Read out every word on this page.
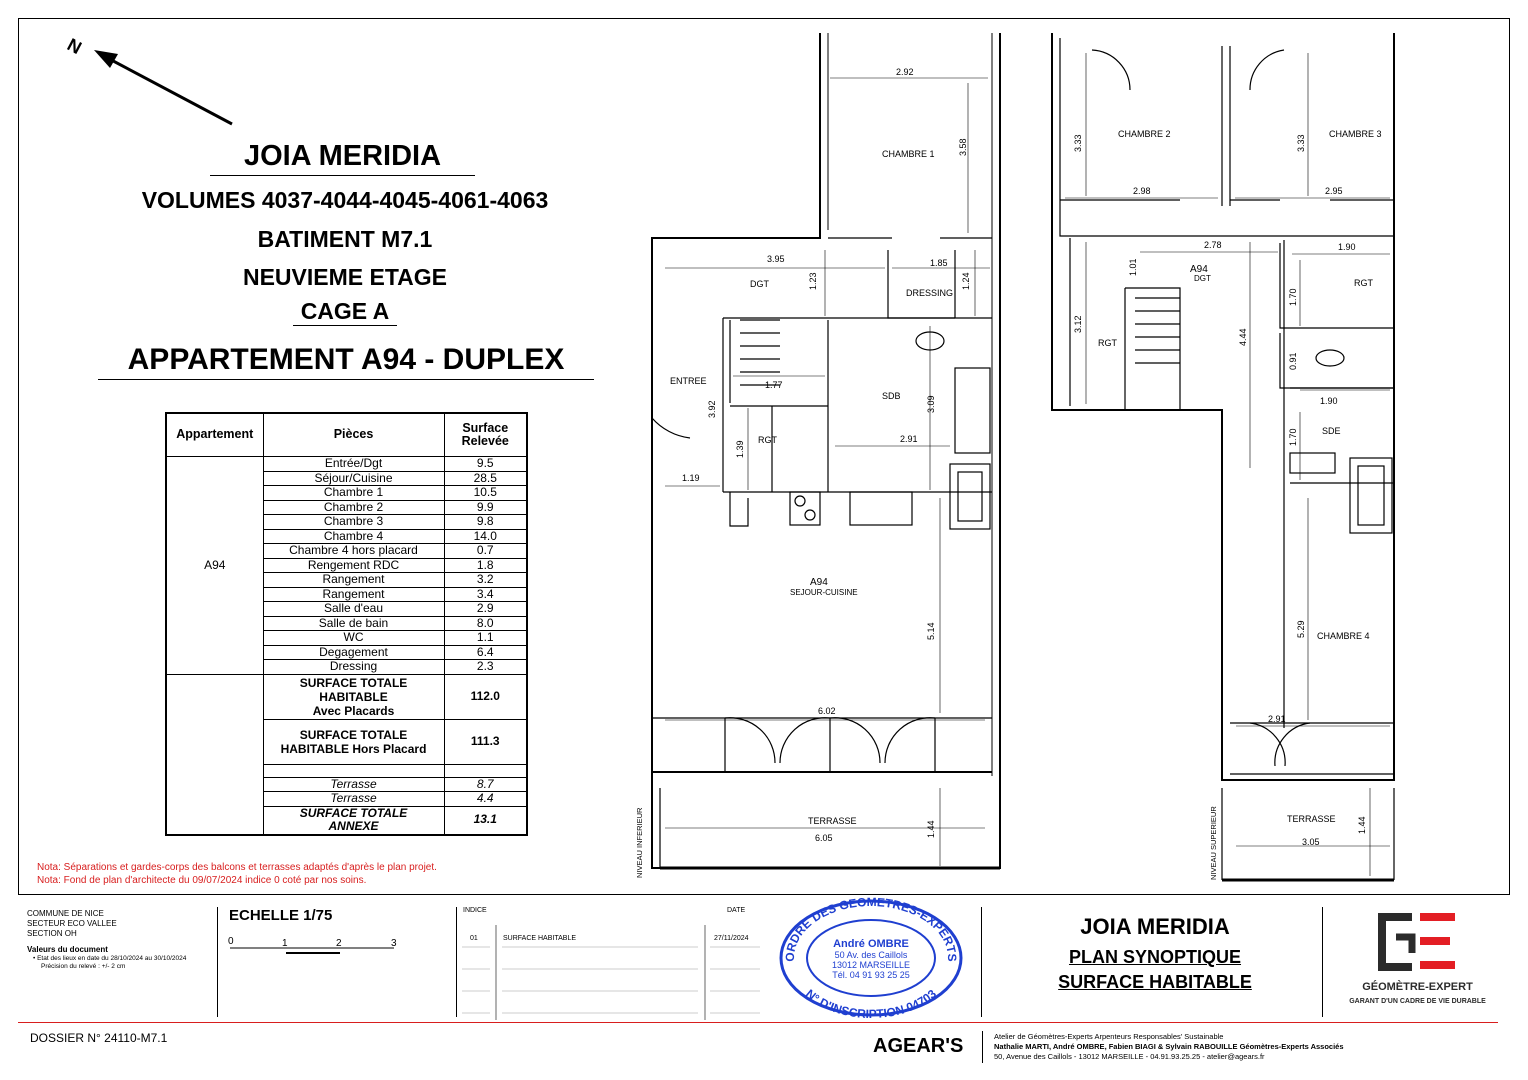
N
JOIA MERIDIA
VOLUMES 4037-4044-4045-4061-4063
BATIMENT M7.1
NEUVIEME ETAGE
CAGE A
APPARTEMENT A94 - DUPLEX
Appartement	Pièces	Surface Relevée
A94	Entrée/Dgt	9.5
	Séjour/Cuisine	28.5
	Chambre 1	10.5
	Chambre 2	9.9
	Chambre 3	9.8
	Chambre 4	14.0
	Chambre 4 hors placard	0.7
	Rengement RDC	1.8
	Rangement	3.2
	Rangement	3.4
	Salle d'eau	2.9
	Salle de bain	8.0
	WC	1.1
	Degagement	6.4
	Dressing	2.3
	SURFACE TOTALE
HABITABLE
Avec Placards	112.0
	SURFACE TOTALE
HABITABLE Hors Placard	111.3

	Terrasse	8.7
	Terrasse	4.4
	SURFACE TOTALE
ANNEXE	13.1
Nota: Séparations et gardes-corps des balcons et terrasses adaptés d'après le plan projet.
Nota: Fond de plan d'architecte du 09/07/2024 indice 0 coté par nos soins.
CHAMBRE 1
DGT
DRESSING
ENTREE
SDB
RGT
A94
SEJOUR-CUISINE
TERRASSE
NIVEAU INFERIEUR
2.92
3.58
3.95
1.23
1.85
1.24
1.77
3.92
1.39
3.09
2.91
1.19
5.14
6.02
6.05	1.44
CHAMBRE 2	CHAMBRE 3
A94
DGT
RGT
RGT
SDE
CHAMBRE 4
TERRASSE
NIVEAU SUPERIEUR
3.33
2.98
3.33
2.95
2.78	1.90
1.01
3.12
4.44
1.70
0.91
1.90
1.70
5.29
2.91
3.05
1.44
COMMUNE DE NICE
SECTEUR ECO VALLEE
SECTION OH
Valeurs du document
• Etat des lieux en date du 28/10/2024 au 30/10/2024
Précision du relevé : +/- 2 cm
ECHELLE 1/75
0	1	2	3
INDICE	DATE
01	SURFACE HABITABLE	27/11/2024
ORDRE DES GEOMETRES-EXPERTS
N° D'INSCRIPTION 04703
André OMBRE
50 Av. des Caillols
13012 MARSEILLE
Tél. 04 91 93 25 25
JOIA MERIDIA
PLAN SYNOPTIQUE
SURFACE HABITABLE	GÉOMÈTRE-EXPERT
GARANT D'UN CADRE DE VIE DURABLE
DOSSIER N° 24110-M7.1	AGEAR'S	Atelier de Géomètres-Experts Arpenteurs Responsables' Sustainable
Nathalie MARTI, André OMBRE, Fabien BIAGI & Sylvain RABOUILLE Géomètres-Experts Associés
50, Avenue des Caillols - 13012 MARSEILLE - 04.91.93.25.25 - atelier@agears.fr
